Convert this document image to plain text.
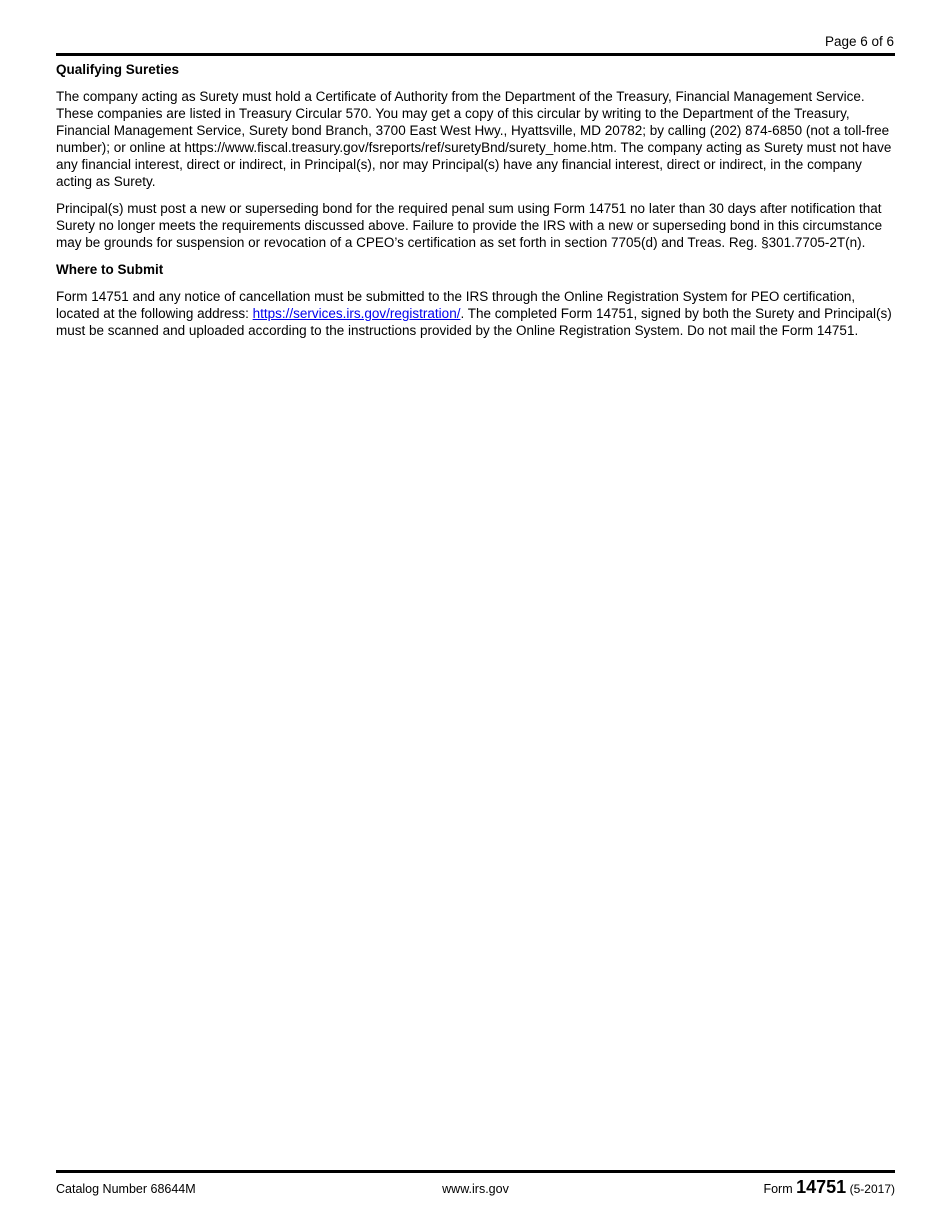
Page 6 of 6
Qualifying Sureties

The company acting as Surety must hold a Certificate of Authority from the Department of the Treasury, Financial Management Service. These companies are listed in Treasury Circular 570. You may get a copy of this circular by writing to the Department of the Treasury, Financial Management Service, Surety bond Branch, 3700 East West Hwy., Hyattsville, MD 20782; by calling (202) 874-6850 (not a toll-free number); or online at https://www.fiscal.treasury.gov/fsreports/ref/suretyBnd/surety_home.htm. The company acting as Surety must not have any financial interest, direct or indirect, in Principal(s), nor may Principal(s) have any financial interest, direct or indirect, in the company acting as Surety.

Principal(s) must post a new or superseding bond for the required penal sum using Form 14751 no later than 30 days after notification that Surety no longer meets the requirements discussed above. Failure to provide the IRS with a new or superseding bond in this circumstance may be grounds for suspension or revocation of a CPEO’s certification as set forth in section 7705(d) and Treas. Reg. §301.7705-2T(n).

Where to Submit

Form 14751 and any notice of cancellation must be submitted to the IRS through the Online Registration System for PEO certification, located at the following address: https://services.irs.gov/registration/. The completed Form 14751, signed by both the Surety and Principal(s) must be scanned and uploaded according to the instructions provided by the Online Registration System. Do not mail the Form 14751.

Catalog Number 68644M	www.irs.gov	Form 14751 (5-2017)
